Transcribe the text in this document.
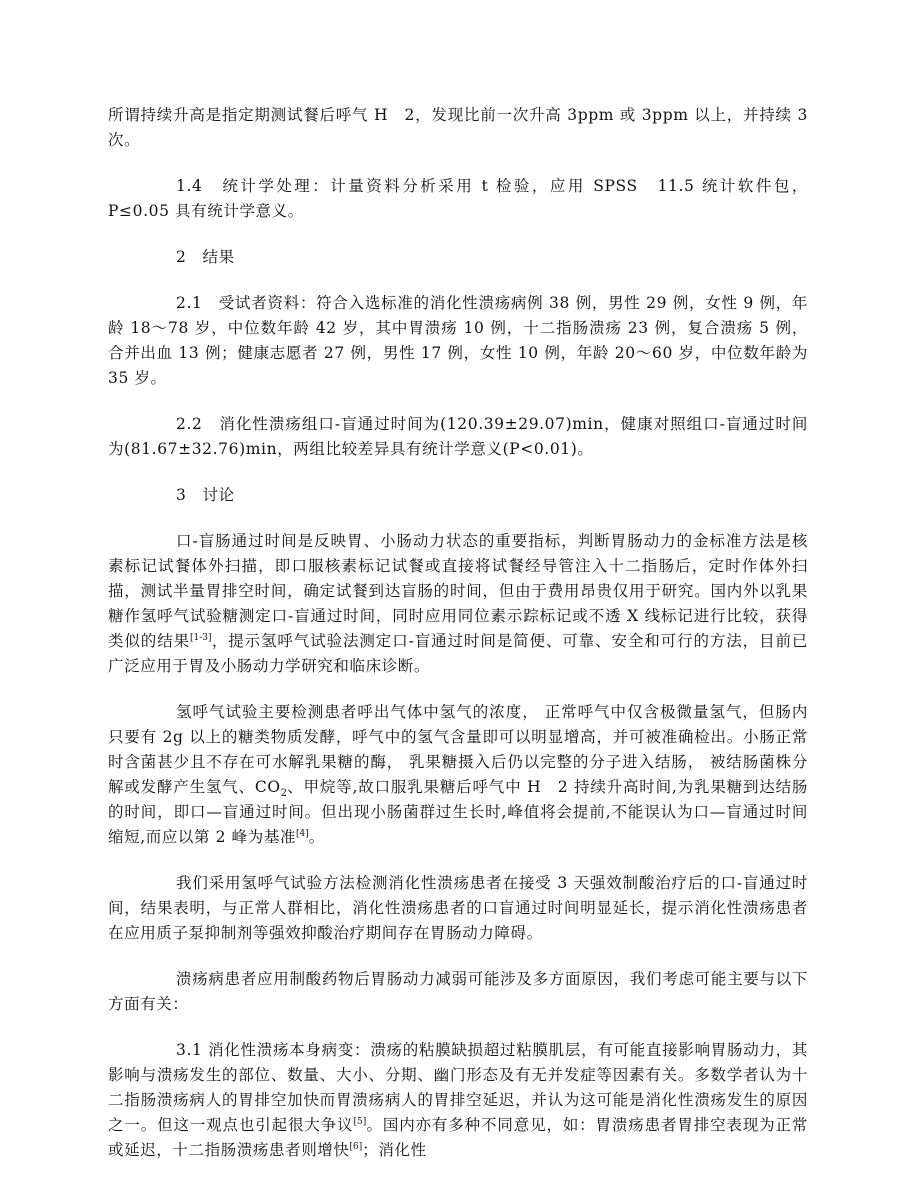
所谓持续升高是指定期测试餐后呼气 H　2，发现比前一次升高 3ppm 或 3ppm 以上，并持续 3 次。

1.4　统计学处理：计量资料分析采用 t 检验，应用 SPSS　11.5 统计软件包，P≤0.05 具有统计学意义。

2　结果

2.1　受试者资料：符合入选标准的消化性溃疡病例 38 例，男性 29 例，女性 9 例，年龄 18～78 岁，中位数年龄 42 岁，其中胃溃疡 10 例，十二指肠溃疡 23 例，复合溃疡 5 例，合并出血 13 例；健康志愿者 27 例，男性 17 例，女性 10 例，年龄 20～60 岁，中位数年龄为 35 岁。

2.2　消化性溃疡组口-盲通过时间为(120.39±29.07)min，健康对照组口-盲通过时间为(81.67±32.76)min，两组比较差异具有统计学意义(P<0.01)。

3　讨论

口-盲肠通过时间是反映胃、小肠动力状态的重要指标，判断胃肠动力的金标准方法是核素标记试餐体外扫描，即口服核素标记试餐或直接将试餐经导管注入十二指肠后，定时作体外扫描，测试半量胃排空时间，确定试餐到达盲肠的时间，但由于费用昂贵仅用于研究。国内外以乳果糖作氢呼气试验糖测定口-盲通过时间，同时应用同位素示踪标记或不透 X 线标记进行比较，获得类似的结果[1-3]，提示氢呼气试验法测定口-盲通过时间是简便、可靠、安全和可行的方法，目前已广泛应用于胃及小肠动力学研究和临床诊断。

氢呼气试验主要检测患者呼出气体中氢气的浓度， 正常呼气中仅含极微量氢气，但肠内只要有 2g 以上的糖类物质发酵，呼气中的氢气含量即可以明显增高，并可被准确检出。小肠正常时含菌甚少且不存在可水解乳果糖的酶， 乳果糖摄入后仍以完整的分子进入结肠， 被结肠菌株分解或发酵产生氢气、$CO_2$、甲烷等,故口服乳果糖后呼气中 H　2 持续升高时间,为乳果糖到达结肠的时间，即口—盲通过时间。但出现小肠菌群过生长时,峰值将会提前,不能误认为口—盲通过时间缩短,而应以第 2 峰为基准[4]。

我们采用氢呼气试验方法检测消化性溃疡患者在接受 3 天强效制酸治疗后的口-盲通过时间，结果表明，与正常人群相比，消化性溃疡患者的口盲通过时间明显延长，提示消化性溃疡患者在应用质子泵抑制剂等强效抑酸治疗期间存在胃肠动力障碍。

溃疡病患者应用制酸药物后胃肠动力减弱可能涉及多方面原因，我们考虑可能主要与以下方面有关：

3.1 消化性溃疡本身病变：溃疡的粘膜缺损超过粘膜肌层，有可能直接影响胃肠动力，其影响与溃疡发生的部位、数量、大小、分期、幽门形态及有无并发症等因素有关。多数学者认为十二指肠溃疡病人的胃排空加快而胃溃疡病人的胃排空延迟，并认为这可能是消化性溃疡发生的原因之一。但这一观点也引起很大争议[5]。国内亦有多种不同意见，如：胃溃疡患者胃排空表现为正常或延迟，十二指肠溃疡患者则增快[6]；消化性
